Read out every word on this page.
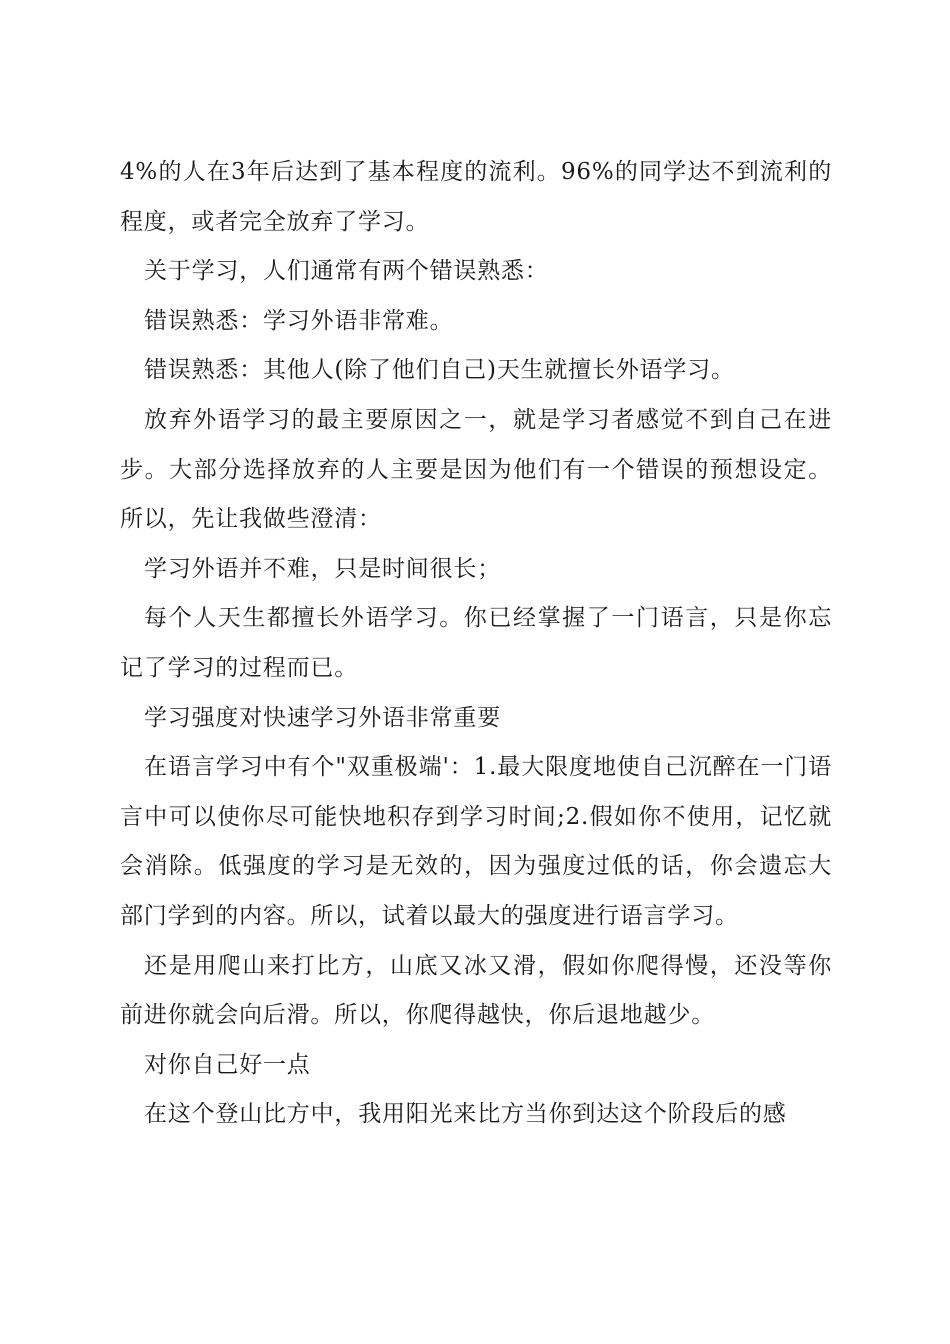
4%的人在3年后达到了基本程度的流利。96%的同学达不到流利的程度，或者完全放弃了学习。

关于学习，人们通常有两个错误熟悉：

错误熟悉：学习外语非常难。

错误熟悉：其他人(除了他们自己)天生就擅长外语学习。

放弃外语学习的最主要原因之一，就是学习者感觉不到自己在进步。大部分选择放弃的人主要是因为他们有一个错误的预想设定。所以，先让我做些澄清：

学习外语并不难，只是时间很长；

每个人天生都擅长外语学习。你已经掌握了一门语言，只是你忘记了学习的过程而已。

学习强度对快速学习外语非常重要

在语言学习中有个"双重极端'：1.最大限度地使自己沉醉在一门语言中可以使你尽可能快地积存到学习时间;2.假如你不使用，记忆就会消除。低强度的学习是无效的，因为强度过低的话，你会遗忘大部门学到的内容。所以，试着以最大的强度进行语言学习。

还是用爬山来打比方，山底又冰又滑，假如你爬得慢，还没等你前进你就会向后滑。所以，你爬得越快，你后退地越少。

对你自己好一点

在这个登山比方中，我用阳光来比方当你到达这个阶段后的感
